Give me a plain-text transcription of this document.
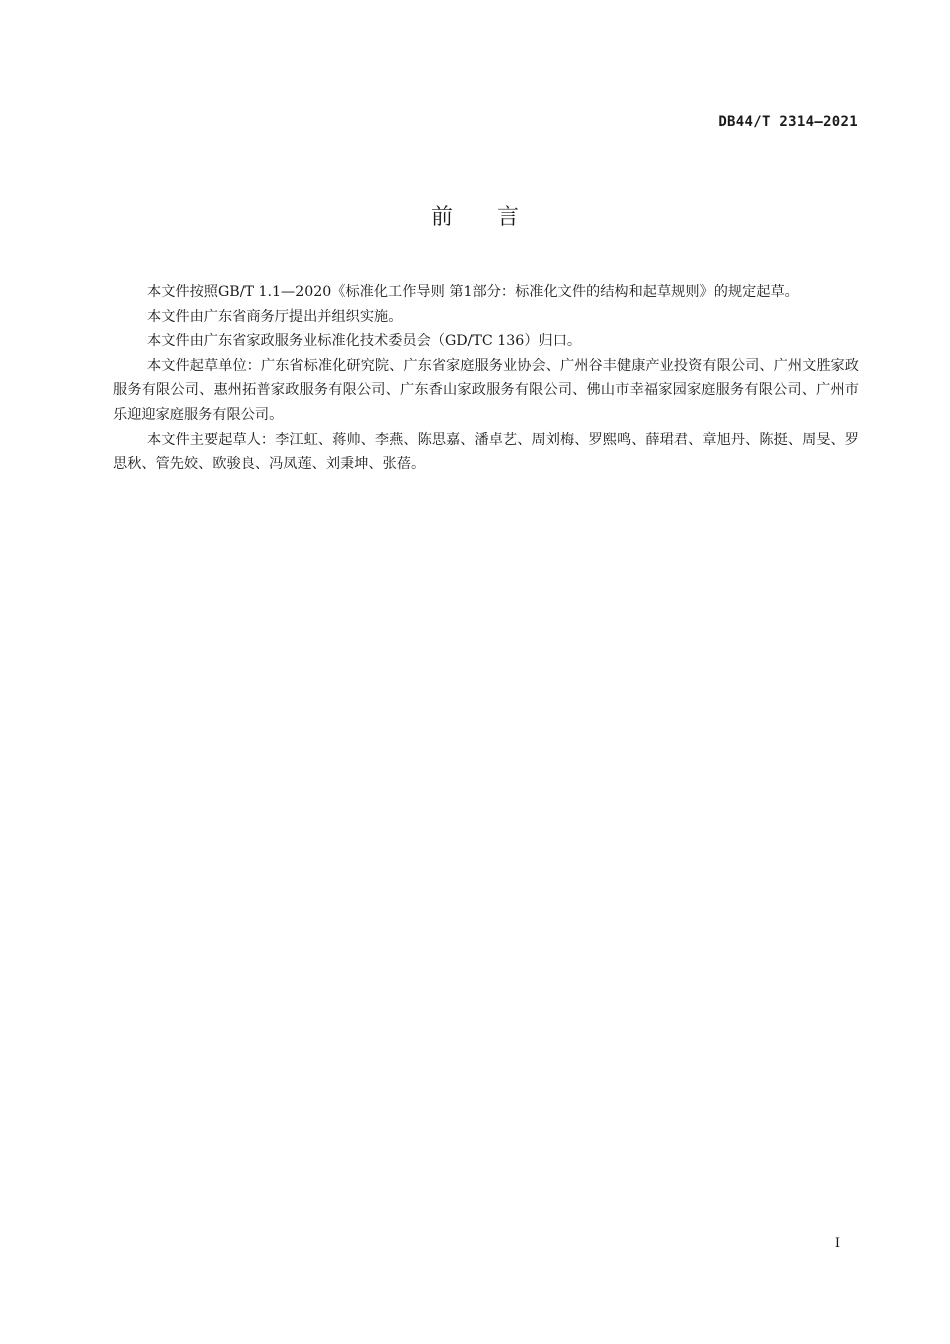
DB44/T 2314—2021
前言

本文件按照GB/T 1.1—2020《标准化工作导则 第1部分：标准化文件的结构和起草规则》的规定起草。

本文件由广东省商务厅提出并组织实施。

本文件由广东省家政服务业标准化技术委员会（GD/TC 136）归口。

本文件起草单位：广东省标准化研究院、广东省家庭服务业协会、广州谷丰健康产业投资有限公司、广州文胜家政服务有限公司、惠州拓普家政服务有限公司、广东香山家政服务有限公司、佛山市幸福家园家庭服务有限公司、广州市乐迎迎家庭服务有限公司。

本文件主要起草人：李江虹、蒋帅、李燕、陈思嘉、潘卓艺、周刘梅、罗熙鸣、薛珺君、章旭丹、陈挺、周旻、罗思秋、管先姣、欧骏良、冯凤莲、刘秉坤、张蓓。

I
